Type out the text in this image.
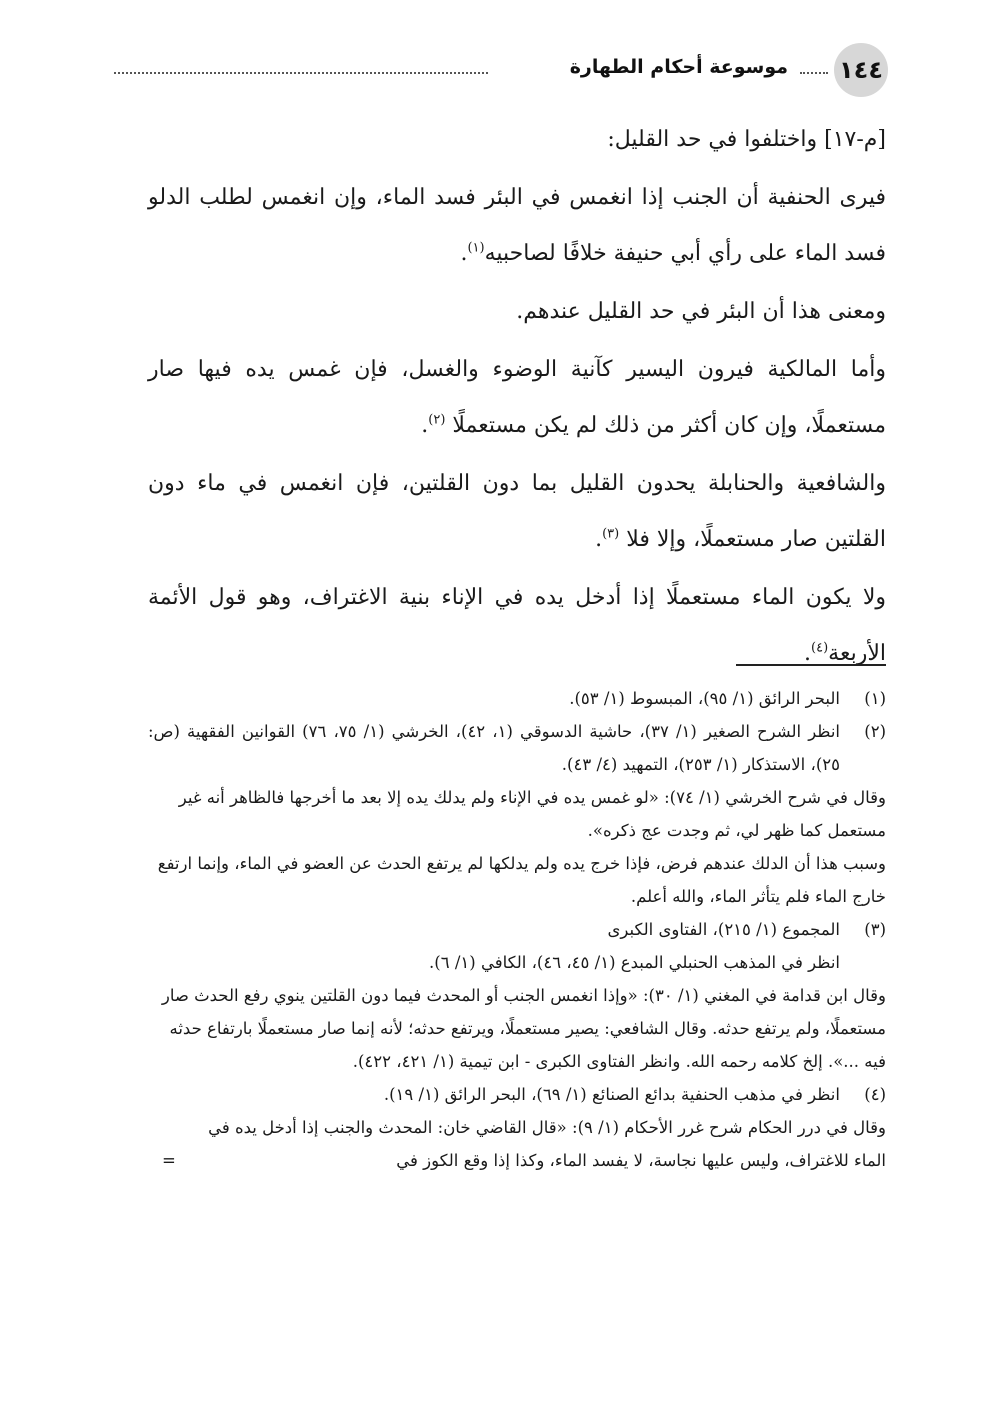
١٤٤
موسوعة أحكام الطهارة

[م-١٧] واختلفوا في حد القليل:

فيرى الحنفية أن الجنب إذا انغمس في البئر فسد الماء، وإن انغمس لطلب الدلو فسد الماء على رأي أبي حنيفة خلافًا لصاحبيه$^{(١)}$.

ومعنى هذا أن البئر في حد القليل عندهم.

وأما المالكية فيرون اليسير كآنية الوضوء والغسل، فإن غمس يده فيها صار مستعملًا، وإن كان أكثر من ذلك لم يكن مستعملًا $^{(٢)}$.

والشافعية والحنابلة يحدون القليل بما دون القلتين، فإن انغمس في ماء دون القلتين صار مستعملًا، وإلا فلا $^{(٣)}$.

ولا يكون الماء مستعملًا إذا أدخل يده في الإناء بنية الاغتراف، وهو قول الأئمة الأربعة$^{(٤)}$.

(١)
البحر الرائق (١/ ٩٥)، المبسوط (١/ ٥٣).
(٢)
انظر الشرح الصغير (١/ ٣٧)، حاشية الدسوقي (١، ٤٢)، الخرشي (١/ ٧٥، ٧٦) القوانين الفقهية (ص: ٢٥)، الاستذكار (١/ ٢٥٣)، التمهيد (٤/ ٤٣).
وقال في شرح الخرشي (١/ ٧٤): «لو غمس يده في الإناء ولم يدلك يده إلا بعد ما أخرجها فالظاهر أنه غير مستعمل كما ظهر لي، ثم وجدت عج ذكره».
وسبب هذا أن الدلك عندهم فرض، فإذا خرج يده ولم يدلكها لم يرتفع الحدث عن العضو في الماء، وإنما ارتفع خارج الماء فلم يتأثر الماء، والله أعلم.
(٣)
المجموع (١/ ٢١٥)، الفتاوى الكبرى
انظر في المذهب الحنبلي المبدع (١/ ٤٥، ٤٦)، الكافي (١/ ٦).
وقال ابن قدامة في المغني (١/ ٣٠): «وإذا انغمس الجنب أو المحدث فيما دون القلتين ينوي رفع الحدث صار مستعملًا، ولم يرتفع حدثه. وقال الشافعي: يصير مستعملًا، ويرتفع حدثه؛ لأنه إنما صار مستعملًا بارتفاع حدثه فيه ...». إلخ كلامه رحمه الله. وانظر الفتاوى الكبرى - ابن تيمية (١/ ٤٢١، ٤٢٢).
(٤)
انظر في مذهب الحنفية بدائع الصنائع (١/ ٦٩)، البحر الرائق (١/ ١٩).
وقال في درر الحكام شرح غرر الأحكام (١/ ٩): «قال القاضي خان: المحدث والجنب إذا أدخل يده في الماء للاغتراف، وليس عليها نجاسة، لا يفسد الماء، وكذا إذا وقع الكوز في
=
